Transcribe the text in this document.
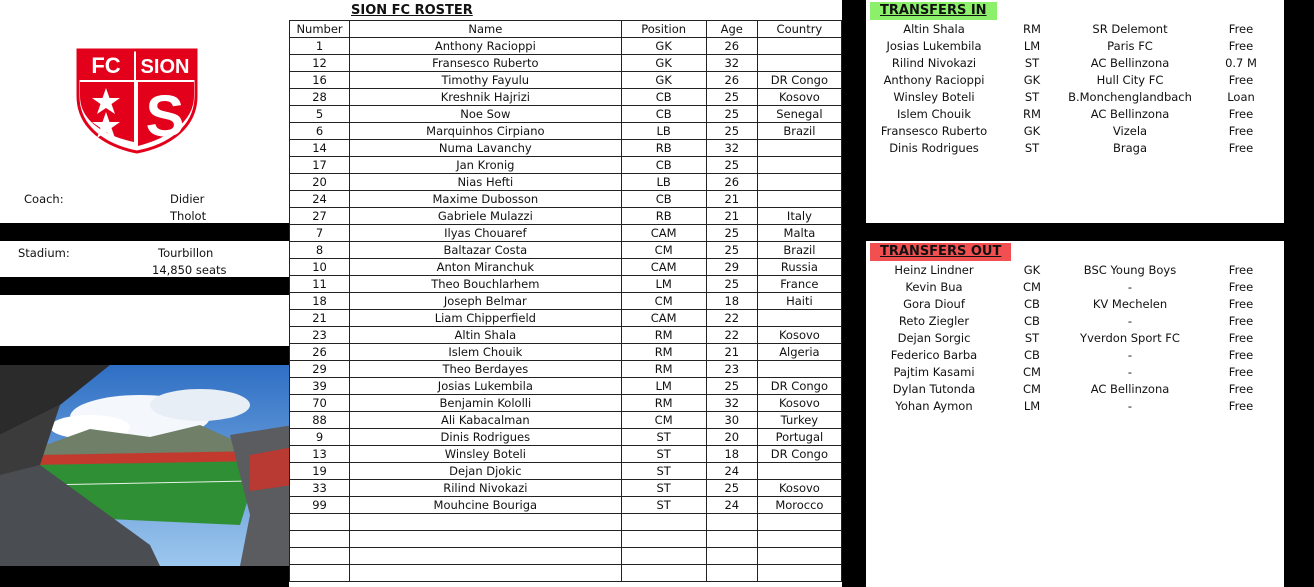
FC SION
S
Coach:	Didier
Tholot
Stadium:	Tourbillon
14,850 seats
SION FC ROSTER
Number	Name	Position	Age	Country
1	Anthony Racioppi	GK	26	
12	Fransesco Ruberto	GK	32	
16	Timothy Fayulu	GK	26	DR Congo
28	Kreshnik Hajrizi	CB	25	Kosovo
5	Noe Sow	CB	25	Senegal
6	Marquinhos Cirpiano	LB	25	Brazil
14	Numa Lavanchy	RB	32	
17	Jan Kronig	CB	25	
20	Nias Hefti	LB	26	
24	Maxime Dubosson	CB	21	
27	Gabriele Mulazzi	RB	21	Italy
7	Ilyas Chouaref	CAM	25	Malta
8	Baltazar Costa	CM	25	Brazil
10	Anton Miranchuk	CAM	29	Russia
11	Theo Bouchlarhem	LM	25	France
18	Joseph Belmar	CM	18	Haiti
21	Liam Chipperfield	CAM	22	
23	Altin Shala	RM	22	Kosovo
26	Islem Chouik	RM	21	Algeria
29	Theo Berdayes	RM	23	
39	Josias Lukembila	LM	25	DR Congo
70	Benjamin Kololli	RM	32	Kosovo
88	Ali Kabacalman	CM	30	Turkey
9	Dinis Rodrigues	ST	20	Portugal
13	Winsley Boteli	ST	18	DR Congo
19	Dejan Djokic	ST	24	
33	Rilind Nivokazi	ST	25	Kosovo
99	Mouhcine Bouriga	ST	24	Morocco

TRANSFERS IN
Altin Shala	RM	SR Delemont	Free
Josias Lukembila	LM	Paris FC	Free
Rilind Nivokazi	ST	AC Bellinzona	0.7 M
Anthony Racioppi	GK	Hull City FC	Free
Winsley Boteli	ST	B.Monchenglandbach	Loan
Islem Chouik	RM	AC Bellinzona	Free
Fransesco Ruberto	GK	Vizela	Free
Dinis Rodrigues	ST	Braga	Free
TRANSFERS OUT
Heinz Lindner	GK	BSC Young Boys	Free
Kevin Bua	CM	-	Free
Gora Diouf	CB	KV Mechelen	Free
Reto Ziegler	CB	-	Free
Dejan Sorgic	ST	Yverdon Sport FC	Free
Federico Barba	CB	-	Free
Pajtim Kasami	CM	-	Free
Dylan Tutonda	CM	AC Bellinzona	Free
Yohan Aymon	LM	-	Free
